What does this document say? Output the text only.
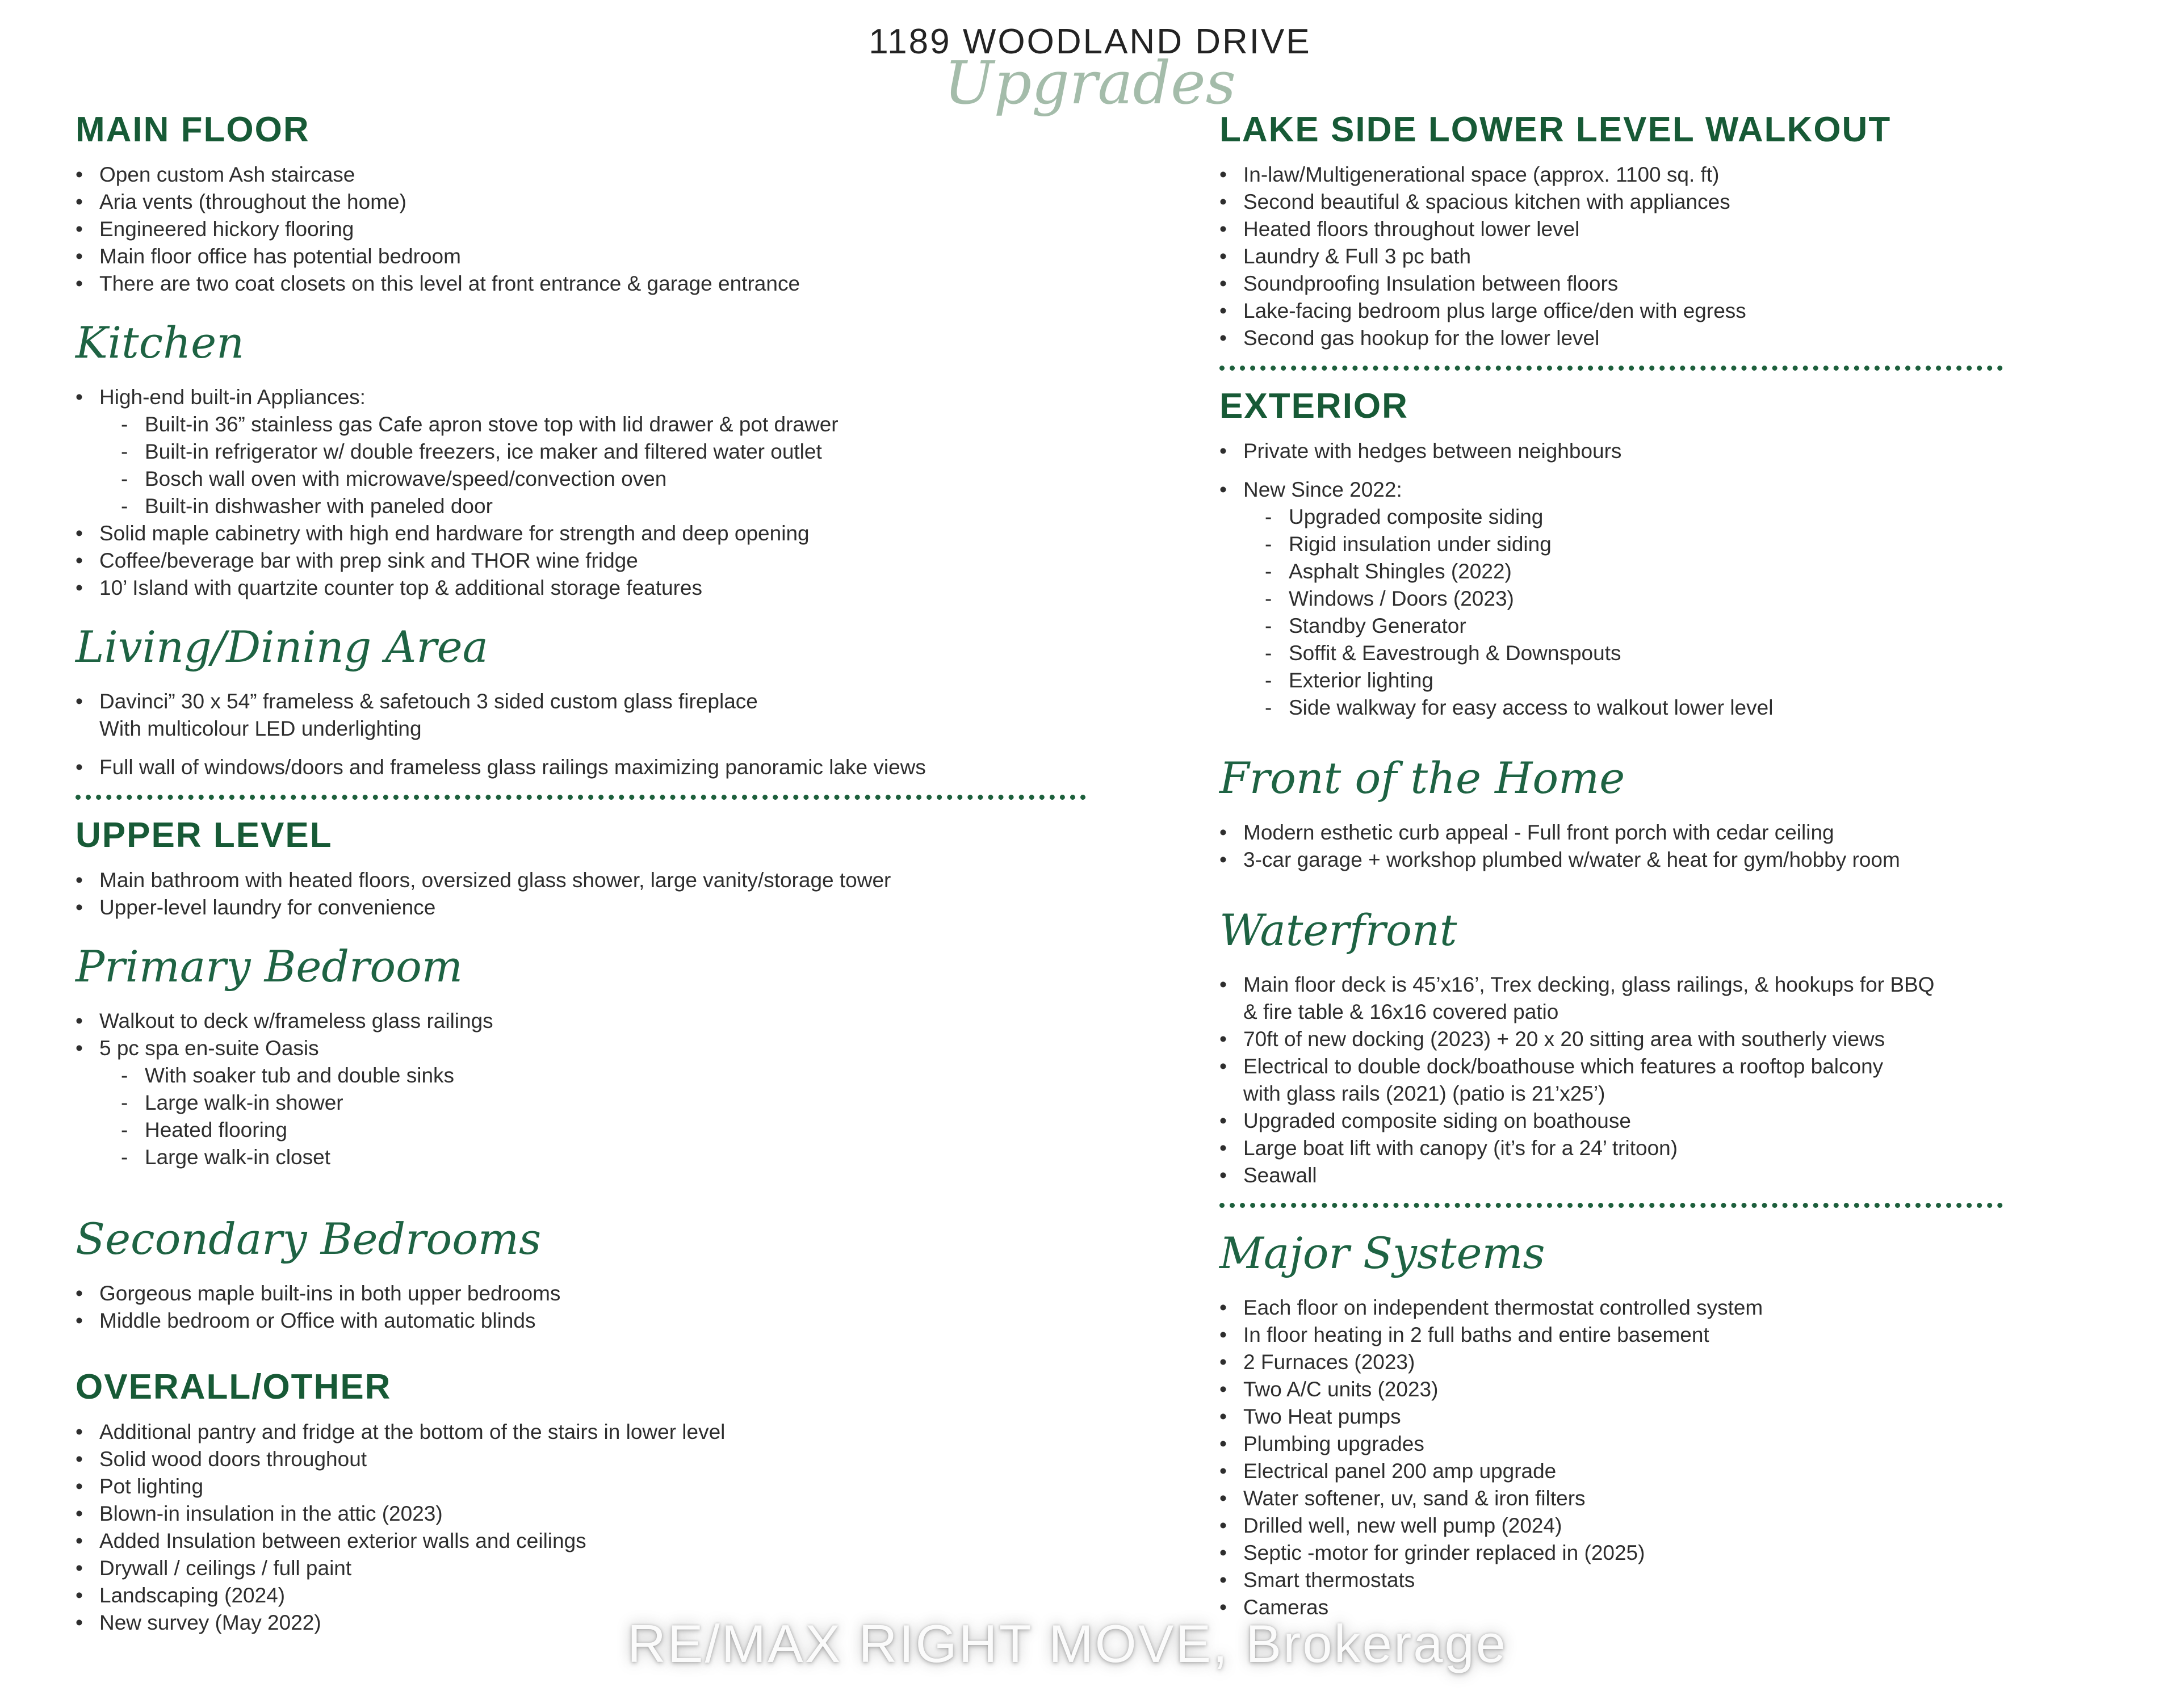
1189 WOODLAND DRIVE
Upgrades
RE/MAX RIGHT MOVE, Brokerage
MAIN FLOOR
• Open custom Ash staircase
• Aria vents (throughout the home)
• Engineered hickory flooring
• Main floor office has potential bedroom
• There are two coat closets on this level at front entrance & garage entrance
Kitchen
• High-end built-in Appliances:
- Built-in 36” stainless gas Cafe apron stove top with lid drawer & pot drawer
- Built-in refrigerator w/ double freezers, ice maker and filtered water outlet
- Bosch wall oven with microwave/speed/convection oven
- Built-in dishwasher with paneled door
• Solid maple cabinetry with high end hardware for strength and deep opening
• Coffee/beverage bar with prep sink and THOR wine fridge
• 10’ Island with quartzite counter top & additional storage features
Living/Dining Area
• Davinci” 30 x 54” frameless & safetouch 3 sided custom glass fireplace
With multicolour LED underlighting
• Full wall of windows/doors and frameless glass railings maximizing panoramic lake views
UPPER LEVEL
• Main bathroom with heated floors, oversized glass shower, large vanity/storage tower
• Upper-level laundry for convenience
Primary Bedroom
• Walkout to deck w/frameless glass railings
• 5 pc spa en-suite Oasis
- With soaker tub and double sinks
- Large walk-in shower
- Heated flooring
- Large walk-in closet
Secondary Bedrooms
• Gorgeous maple built-ins in both upper bedrooms
• Middle bedroom or Office with automatic blinds
OVERALL/OTHER
• Additional pantry and fridge at the bottom of the stairs in lower level
• Solid wood doors throughout
• Pot lighting
• Blown-in insulation in the attic (2023)
• Added Insulation between exterior walls and ceilings
• Drywall / ceilings / full paint
• Landscaping (2024)
• New survey (May 2022)
LAKE SIDE LOWER LEVEL WALKOUT
• In-law/Multigenerational space (approx. 1100 sq. ft)
• Second beautiful & spacious kitchen with appliances
• Heated floors throughout lower level
• Laundry & Full 3 pc bath
• Soundproofing Insulation between floors
• Lake-facing bedroom plus large office/den with egress
• Second gas hookup for the lower level
EXTERIOR
• Private with hedges between neighbours
• New Since 2022:
- Upgraded composite siding
- Rigid insulation under siding
- Asphalt Shingles (2022)
- Windows / Doors (2023)
- Standby Generator
- Soffit & Eavestrough & Downspouts
- Exterior lighting
- Side walkway for easy access to walkout lower level
Front of the Home
• Modern esthetic curb appeal - Full front porch with cedar ceiling
• 3-car garage + workshop plumbed w/water & heat for gym/hobby room
Waterfront
• Main floor deck is 45’x16’, Trex decking, glass railings, & hookups for BBQ
& fire table & 16x16 covered patio
• 70ft of new docking (2023) + 20 x 20 sitting area with southerly views
• Electrical to double dock/boathouse which features a rooftop balcony
with glass rails (2021) (patio is 21’x25’)
• Upgraded composite siding on boathouse
• Large boat lift with canopy (it’s for a 24’ tritoon)
• Seawall
Major Systems
• Each floor on independent thermostat controlled system
• In floor heating in 2 full baths and entire basement
• 2 Furnaces (2023)
• Two A/C units (2023)
• Two Heat pumps
• Plumbing upgrades
• Electrical panel 200 amp upgrade
• Water softener, uv, sand & iron filters
• Drilled well, new well pump (2024)
• Septic -motor for grinder replaced in (2025)
• Smart thermostats
• Cameras
